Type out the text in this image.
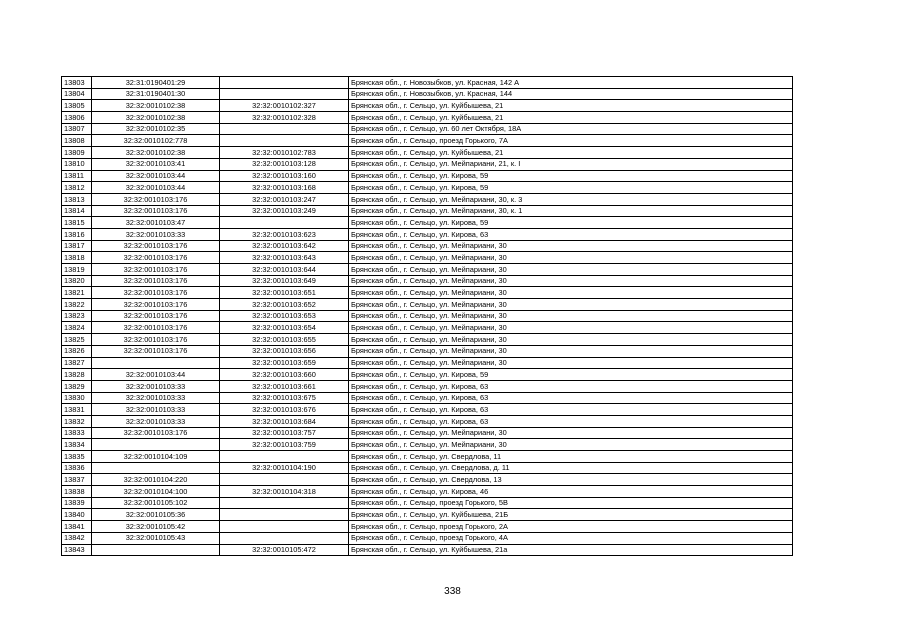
13803	32:31:0190401:29		Брянская обл., г. Новозыбков, ул. Красная, 142 А
13804	32:31:0190401:30		Брянская обл., г. Новозыбков, ул. Красная, 144
13805	32:32:0010102:38	32:32:0010102:327	Брянская обл., г. Сельцо, ул. Куйбышева, 21
13806	32:32:0010102:38	32:32:0010102:328	Брянская обл., г. Сельцо, ул. Куйбышева, 21
13807	32:32:0010102:35		Брянская обл., г. Сельцо, ул. 60 лет Октября, 18А
13808	32:32:0010102:778		Брянская обл., г. Сельцо, проезд Горького, 7А
13809	32:32:0010102:38	32:32:0010102:783	Брянская обл., г. Сельцо, ул. Куйбышева, 21
13810	32:32:0010103:41	32:32:0010103:128	Брянская обл., г. Сельцо, ул. Мейпариани, 21, к. I
13811	32:32:0010103:44	32:32:0010103:160	Брянская обл., г. Сельцо, ул. Кирова, 59
13812	32:32:0010103:44	32:32:0010103:168	Брянская обл., г. Сельцо, ул. Кирова, 59
13813	32:32:0010103:176	32:32:0010103:247	Брянская обл., г. Сельцо, ул. Мейпариани, 30, к. 3
13814	32:32:0010103:176	32:32:0010103:249	Брянская обл., г. Сельцо, ул. Мейпариани, 30, к. 1
13815	32:32:0010103:47		Брянская обл., г. Сельцо, ул. Кирова, 59
13816	32:32:0010103:33	32:32:0010103:623	Брянская обл., г. Сельцо, ул. Кирова, 63
13817	32:32:0010103:176	32:32:0010103:642	Брянская обл., г. Сельцо, ул. Мейпариани, 30
13818	32:32:0010103:176	32:32:0010103:643	Брянская обл., г. Сельцо, ул. Мейпариани, 30
13819	32:32:0010103:176	32:32:0010103:644	Брянская обл., г. Сельцо, ул. Мейпариани, 30
13820	32:32:0010103:176	32:32:0010103:649	Брянская обл., г. Сельцо, ул. Мейпариани, 30
13821	32:32:0010103:176	32:32:0010103:651	Брянская обл., г. Сельцо, ул. Мейпариани, 30
13822	32:32:0010103:176	32:32:0010103:652	Брянская обл., г. Сельцо, ул. Мейпариани, 30
13823	32:32:0010103:176	32:32:0010103:653	Брянская обл., г. Сельцо, ул. Мейпариани, 30
13824	32:32:0010103:176	32:32:0010103:654	Брянская обл., г. Сельцо, ул. Мейпариани, 30
13825	32:32:0010103:176	32:32:0010103:655	Брянская обл., г. Сельцо, ул. Мейпариани, 30
13826	32:32:0010103:176	32:32:0010103:656	Брянская обл., г. Сельцо, ул. Мейпариани, 30
13827		32:32:0010103:659	Брянская обл., г. Сельцо, ул. Мейпариани, 30
13828	32:32:0010103:44	32:32:0010103:660	Брянская обл., г. Сельцо, ул. Кирова, 59
13829	32:32:0010103:33	32:32:0010103:661	Брянская обл., г. Сельцо, ул. Кирова, 63
13830	32:32:0010103:33	32:32:0010103:675	Брянская обл., г. Сельцо, ул. Кирова, 63
13831	32:32:0010103:33	32:32:0010103:676	Брянская обл., г. Сельцо, ул. Кирова, 63
13832	32:32:0010103:33	32:32:0010103:684	Брянская обл., г. Сельцо, ул. Кирова, 63
13833	32:32:0010103:176	32:32:0010103:757	Брянская обл., г. Сельцо, ул. Мейпариани, 30
13834		32:32:0010103:759	Брянская обл., г. Сельцо, ул. Мейпариани, 30
13835	32:32:0010104:109		Брянская обл., г. Сельцо, ул. Свердлова, 11
13836		32:32:0010104:190	Брянская обл., г. Сельцо, ул. Свердлова, д. 11
13837	32:32:0010104:220		Брянская обл., г. Сельцо, ул. Свердлова, 13
13838	32:32:0010104:100	32:32:0010104:318	Брянская обл., г. Сельцо, ул. Кирова, 46
13839	32:32:0010105:102		Брянская обл., г. Сельцо, проезд Горького, 5В
13840	32:32:0010105:36		Брянская обл., г. Сельцо, ул. Куйбышева, 21Б
13841	32:32:0010105:42		Брянская обл., г. Сельцо, проезд Горького, 2А
13842	32:32:0010105:43		Брянская обл., г. Сельцо, проезд Горького, 4А
13843		32:32:0010105:472	Брянская обл., г. Сельцо, ул. Куйбышева, 21а
338
